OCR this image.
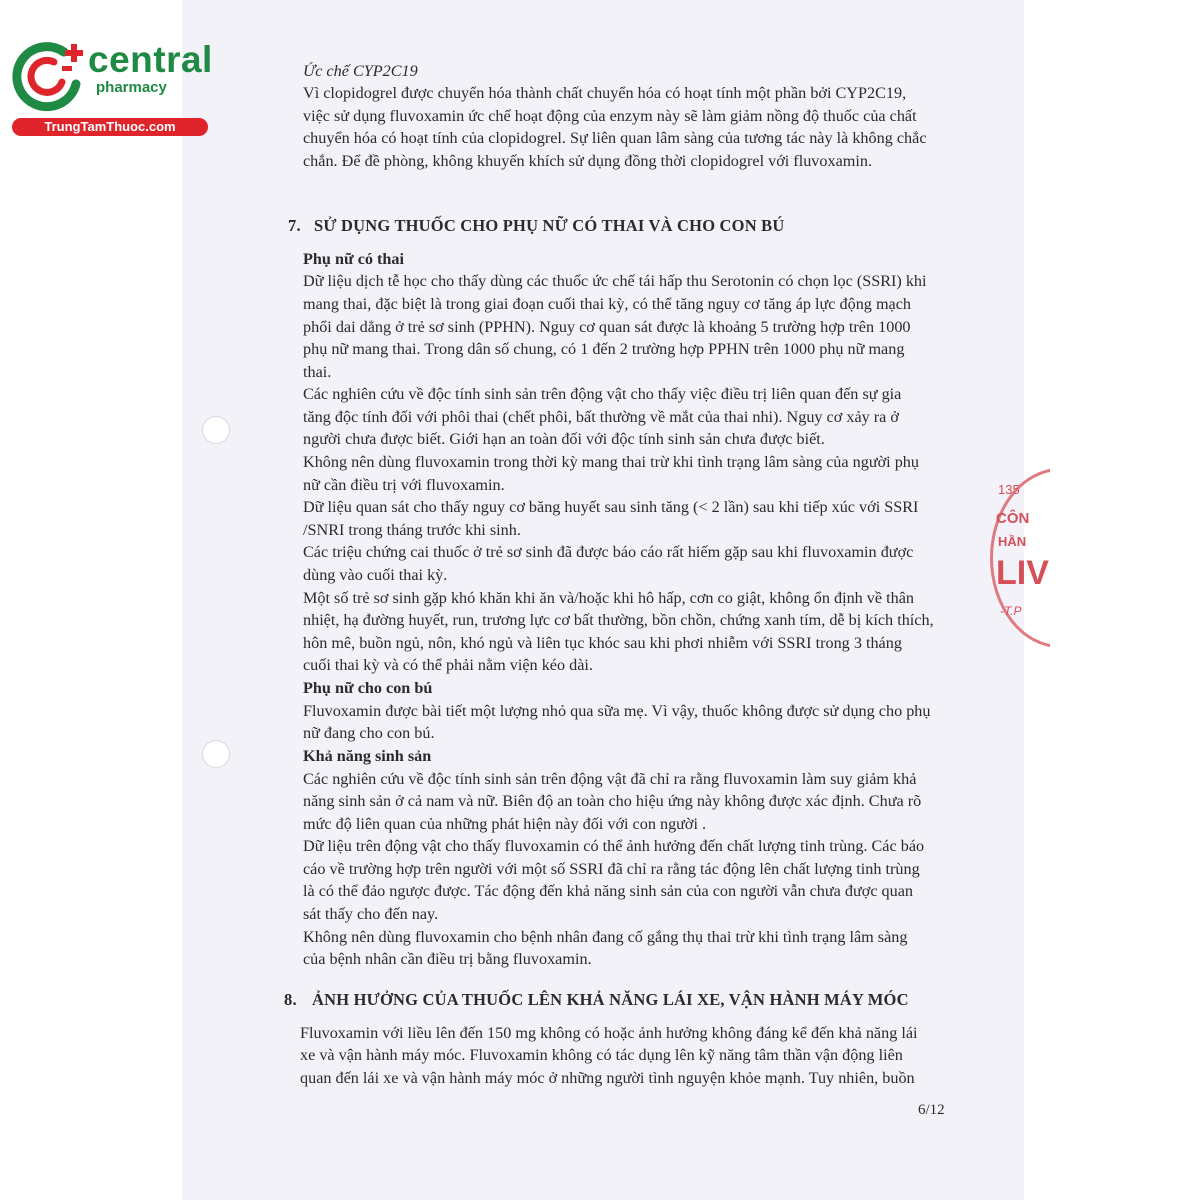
135
CÔN
HẦN
LIV
-T.P
central
pharmacy
TrungTamThuoc.com
Ức chế CYP2C19
Vì clopidogrel được chuyển hóa thành chất chuyển hóa có hoạt tính một phần bởi CYP2C19,
việc sử dụng fluvoxamin ức chế hoạt động của enzym này sẽ làm giảm nồng độ thuốc của chất
chuyển hóa có hoạt tính của clopidogrel. Sự liên quan lâm sàng của tương tác này là không chắc
chắn. Để đề phòng, không khuyến khích sử dụng đồng thời clopidogrel với fluvoxamin.
7. SỬ DỤNG THUỐC CHO PHỤ NỮ CÓ THAI VÀ CHO CON BÚ
Phụ nữ có thai
Dữ liệu dịch tễ học cho thấy dùng các thuốc ức chế tái hấp thu Serotonin có chọn lọc (SSRI) khi
mang thai, đặc biệt là trong giai đoạn cuối thai kỳ, có thể tăng nguy cơ tăng áp lực động mạch
phổi dai dẳng ở trẻ sơ sinh (PPHN). Nguy cơ quan sát được là khoảng 5 trường hợp trên 1000
phụ nữ mang thai. Trong dân số chung, có 1 đến 2 trường hợp PPHN trên 1000 phụ nữ mang
thai.
Các nghiên cứu về độc tính sinh sản trên động vật cho thấy việc điều trị liên quan đến sự gia
tăng độc tính đối với phôi thai (chết phôi, bất thường về mắt của thai nhi). Nguy cơ xảy ra ở
người chưa được biết. Giới hạn an toàn đối với độc tính sinh sản chưa được biết.
Không nên dùng fluvoxamin trong thời kỳ mang thai trừ khi tình trạng lâm sàng của người phụ
nữ cần điều trị với fluvoxamin.
Dữ liệu quan sát cho thấy nguy cơ băng huyết sau sinh tăng (< 2 lần) sau khi tiếp xúc với SSRI
/SNRI trong tháng trước khi sinh.
Các triệu chứng cai thuốc ở trẻ sơ sinh đã được báo cáo rất hiếm gặp sau khi fluvoxamin được
dùng vào cuối thai kỳ.
Một số trẻ sơ sinh gặp khó khăn khi ăn và/hoặc khi hô hấp, cơn co giật, không ổn định về thân
nhiệt, hạ đường huyết, run, trương lực cơ bất thường, bồn chồn, chứng xanh tím, dễ bị kích thích,
hôn mê, buồn ngủ, nôn, khó ngủ và liên tục khóc sau khi phơi nhiễm với SSRI trong 3 tháng
cuối thai kỳ và có thể phải nằm viện kéo dài.
Phụ nữ cho con bú
Fluvoxamin được bài tiết một lượng nhỏ qua sữa mẹ. Vì vậy, thuốc không được sử dụng cho phụ
nữ đang cho con bú.
Khả năng sinh sản
Các nghiên cứu về độc tính sinh sản trên động vật đã chỉ ra rằng fluvoxamin làm suy giảm khả
năng sinh sản ở cả nam và nữ. Biên độ an toàn cho hiệu ứng này không được xác định. Chưa rõ
mức độ liên quan của những phát hiện này đối với con người .
Dữ liệu trên động vật cho thấy fluvoxamin có thể ảnh hưởng đến chất lượng tinh trùng. Các báo
cáo về trường hợp trên người với một số SSRI đã chỉ ra rằng tác động lên chất lượng tinh trùng
là có thể đảo ngược được. Tác động đến khả năng sinh sản của con người vẫn chưa được quan
sát thấy cho đến nay.
Không nên dùng fluvoxamin cho bệnh nhân đang cố gắng thụ thai trừ khi tình trạng lâm sàng
của bệnh nhân cần điều trị bằng fluvoxamin.
8. ẢNH HƯỞNG CỦA THUỐC LÊN KHẢ NĂNG LÁI XE, VẬN HÀNH MÁY MÓC
Fluvoxamin với liều lên đến 150 mg không có hoặc ảnh hưởng không đáng kể đến khả năng lái
xe và vận hành máy móc. Fluvoxamin không có tác dụng lên kỹ năng tâm thần vận động liên
quan đến lái xe và vận hành máy móc ở những người tình nguyện khỏe mạnh. Tuy nhiên, buồn
6/12
